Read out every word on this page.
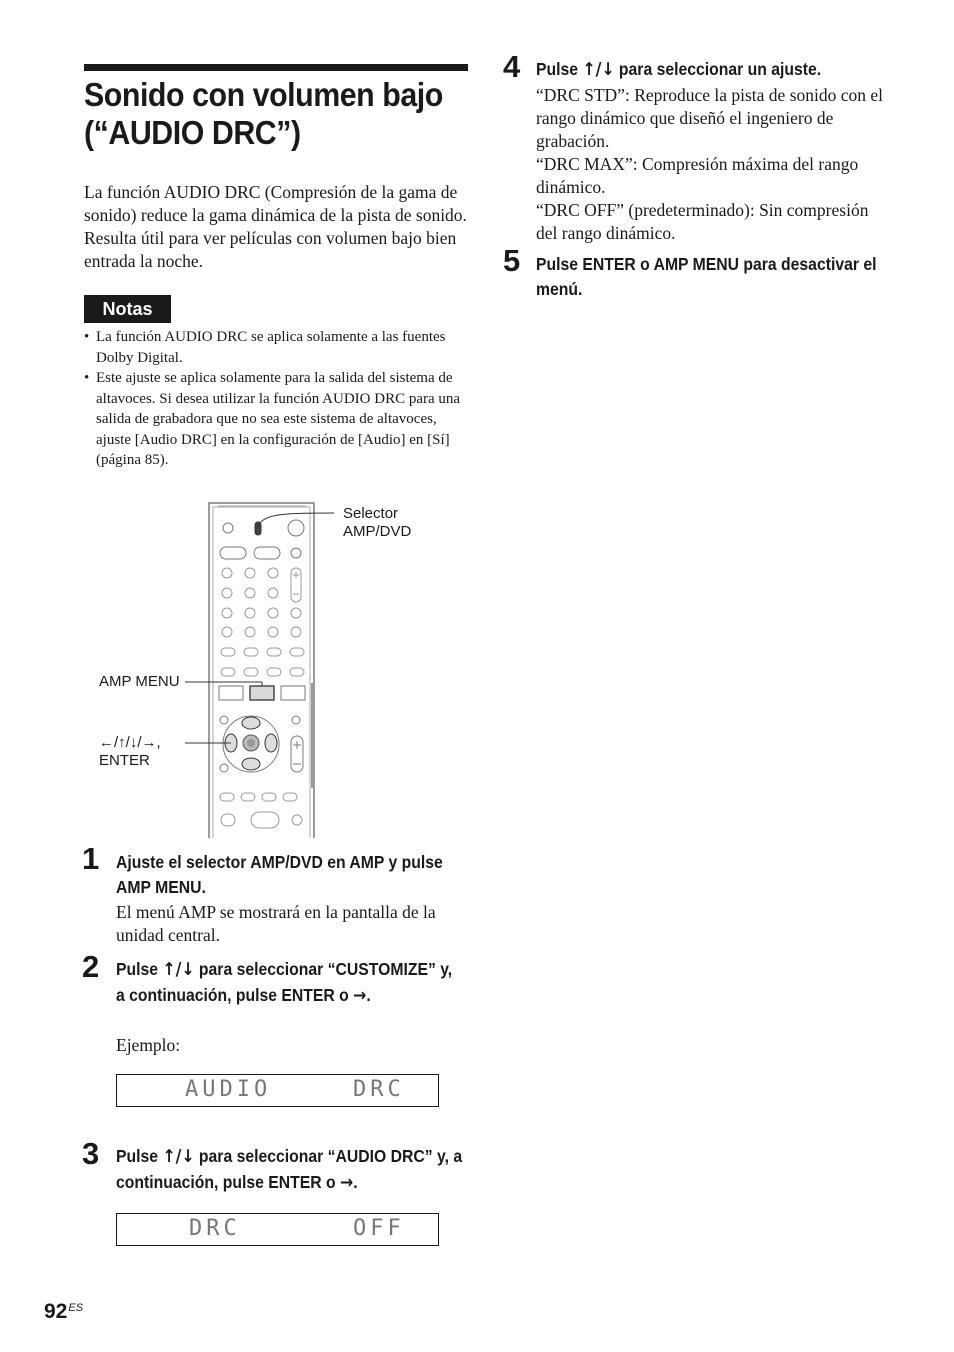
Sonido con volumen bajo (“AUDIO DRC”)

La función AUDIO DRC (Compresión de la gama de sonido) reduce la gama dinámica de la pista de sonido. Resulta útil para ver películas con volumen bajo bien entrada la noche.

Notas
• La función AUDIO DRC se aplica solamente a las fuentes Dolby Digital.
• Este ajuste se aplica solamente para la salida del sistema de altavoces. Si desea utilizar la función AUDIO DRC para una salida de grabadora que no sea este sistema de altavoces, ajuste [Audio DRC] en la configuración de [Audio] en [Sí] (página 85).
Selector
AMP/DVD
AMP MENU
←/↑/↓/→,
ENTER
1 Ajuste el selector AMP/DVD en AMP y pulse AMP MENU.

El menú AMP se mostrará en la pantalla de la unidad central.

2 Pulse ↑/↓ para seleccionar “CUSTOMIZE” y, a continuación, pulse ENTER o →.

Ejemplo:

AUDIO

	DRC

3 Pulse ↑/↓ para seleccionar “AUDIO DRC” y, a continuación, pulse ENTER o →.

DRC

	OFF

4 Pulse ↑/↓ para seleccionar un ajuste.

“DRC STD”: Reproduce la pista de sonido con el rango dinámico que diseñó el ingeniero de grabación.

“DRC MAX”: Compresión máxima del rango dinámico.

“DRC OFF” (predeterminado): Sin compresión del rango dinámico.

5 Pulse ENTER o AMP MENU para desactivar el menú.

$92^{ES}$
